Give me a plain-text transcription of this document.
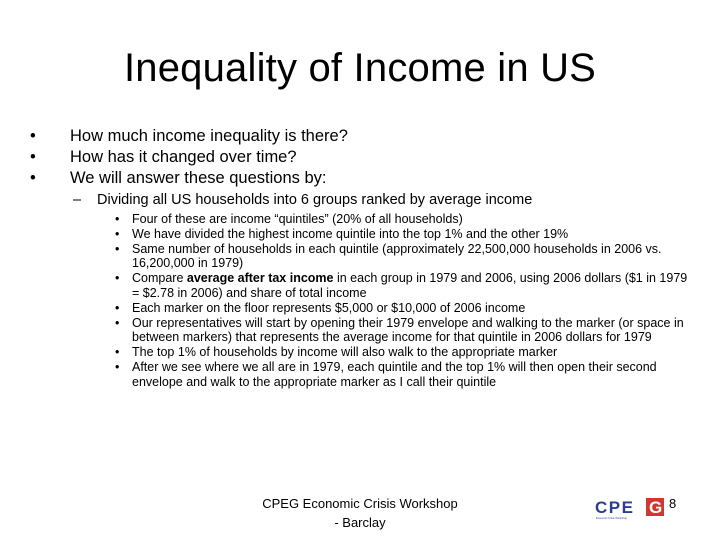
Inequality of Income in US
• How much income inequality is there?
• How has it changed over time?
• We will answer these questions by:
– Dividing all US households into 6 groups ranked by average income
• Four of these are income “quintiles” (20% of all households)
• We have divided the highest income quintile into the top 1% and the other 19%
• Same number of households in each quintile (approximately 22,500,000 households in 2006 vs. 16,200,000 in 1979)
• Compare average after tax income in each group in 1979 and 2006, using 2006 dollars ($1 in 1979 = $2.78 in 2006) and share of total income
• Each marker on the floor represents $5,000 or $10,000 of 2006 income
• Our representatives will start by opening their 1979 envelope and walking to the marker (or space in between markers) that represents the average income for that quintile in 2006 dollars for 1979
• The top 1% of households by income will also walk to the appropriate marker
• After we see where we all are in 1979, each quintile and the top 1% will then open their second envelope and walk to the appropriate marker as I call their quintile
CPEG Economic Crisis Workshop
- Barclay
CPE G
Economic Crisis Workshop
8
